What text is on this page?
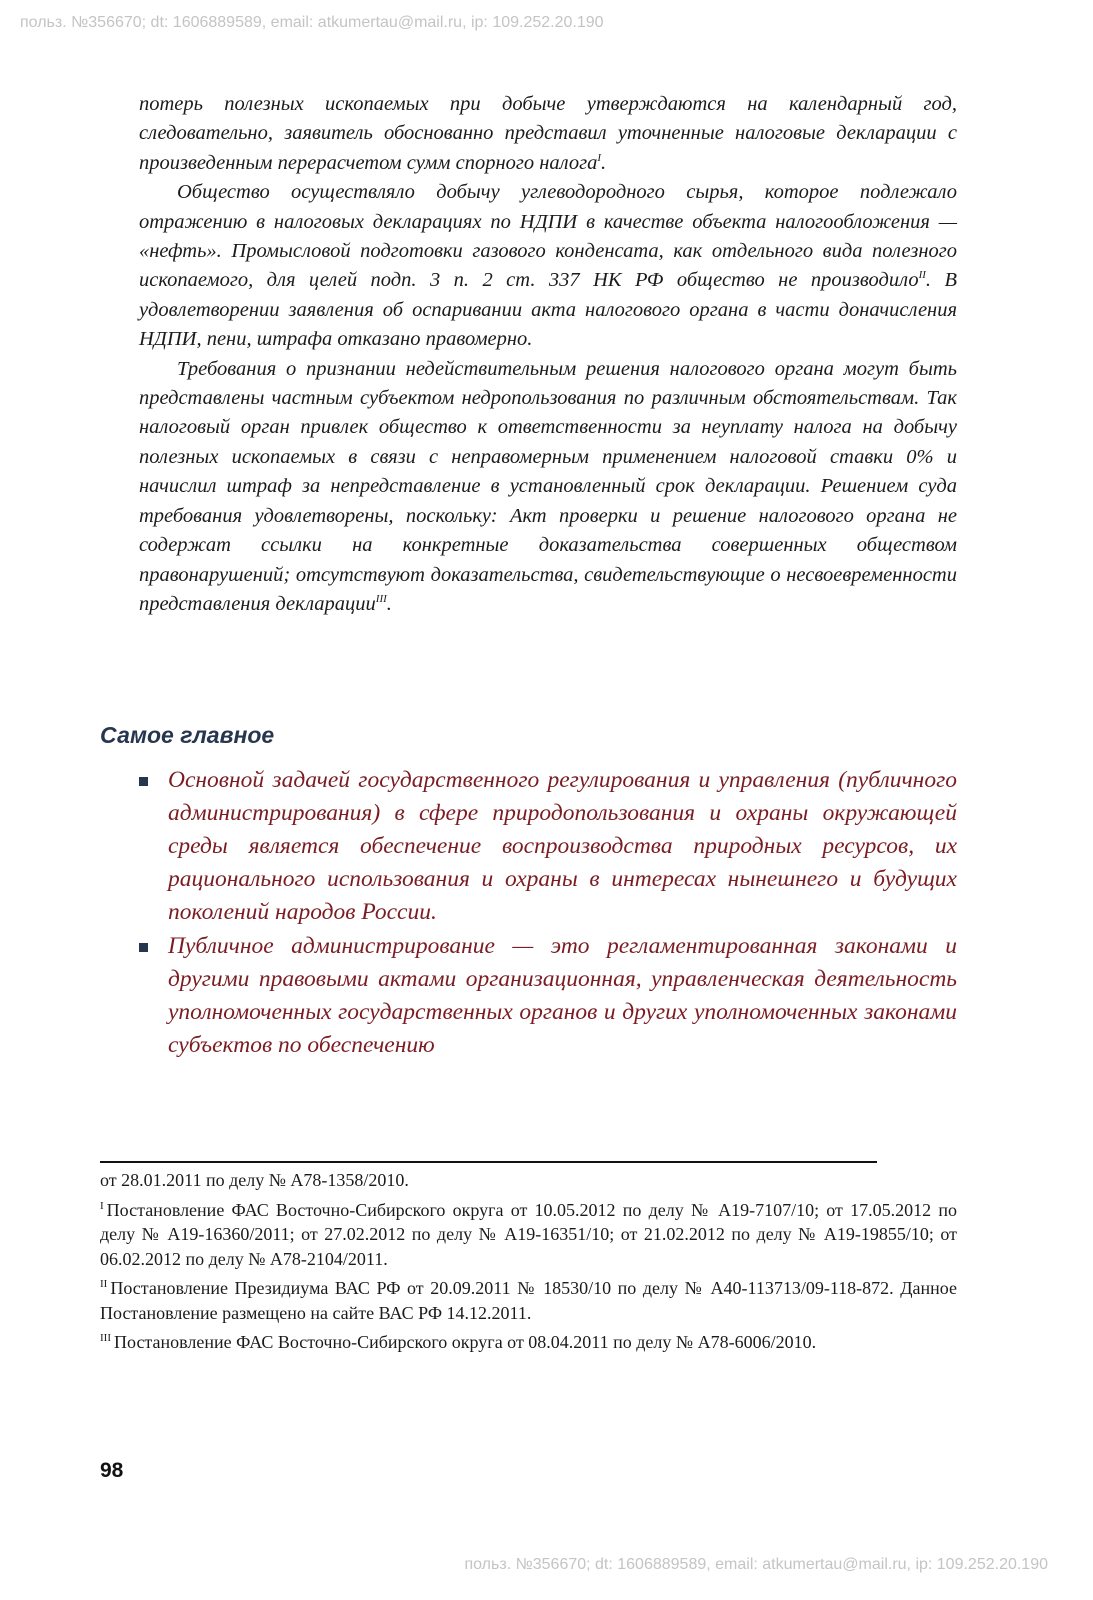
польз. №356670; dt: 1606889589, email: atkumertau@mail.ru, ip: 109.252.20.190

потерь полезных ископаемых при добыче утверждаются на календарный год, следовательно, заявитель обоснованно представил уточненные налоговые декларации с произведенным перерасчетом сумм спорного налога$^I$.

Общество осуществляло добычу углеводородного сырья, которое подлежало отражению в налоговых декларациях по НДПИ в качестве объекта налогообложения — «нефть». Промысловой подготовки газового конденсата, как отдельного вида полезного ископаемого, для целей подп. 3 п. 2 ст. 337 НК РФ общество не производило$^{II}$. В удовлетворении заявления об оспаривании акта налогового органа в части доначисления НДПИ, пени, штрафа отказано правомерно.

Требования о признании недействительным решения налогового органа могут быть представлены частным субъектом недропользования по различным обстоятельствам. Так налоговый орган привлек общество к ответственности за неуплату налога на добычу полезных ископаемых в связи с неправомерным применением налоговой ставки 0% и начислил штраф за непредставление в установленный срок декларации. Решением суда требования удовлетворены, поскольку: Акт проверки и решение налогового органа не содержат ссылки на конкретные доказательства совершенных обществом правонарушений; отсутствуют доказательства, свидетельствующие о несвоевременности представления декларации$^{III}$.

Самое главное
Основной задачей государственного регулирования и управления (публичного администрирования) в сфере природопользования и охраны окружающей среды является обеспечение воспроизводства природных ресурсов, их рационального использования и охраны в интересах нынешнего и будущих поколений народов России.
Публичное администрирование — это регламентированная законами и другими правовыми актами организационная, управленческая деятельность уполномоченных государственных органов и других уполномоченных законами субъектов по обеспечению

от 28.01.2011 по делу № А78-1358/2010.

$^I$ Постановление ФАС Восточно-Сибирского округа от 10.05.2012 по делу № А19-7107/10; от 17.05.2012 по делу № А19-16360/2011; от 27.02.2012 по делу № А19-16351/10; от 21.02.2012 по делу № А19-19855/10; от 06.02.2012 по делу № А78-2104/2011.

$^{II}$ Постановление Президиума ВАС РФ от 20.09.2011 № 18530/10 по делу № А40-113713/09-118-872. Данное Постановление размещено на сайте ВАС РФ 14.12.2011.

$^{III}$ Постановление ФАС Восточно-Сибирского округа от 08.04.2011 по делу № А78-6006/2010.

98

польз. №356670; dt: 1606889589, email: atkumertau@mail.ru, ip: 109.252.20.190
